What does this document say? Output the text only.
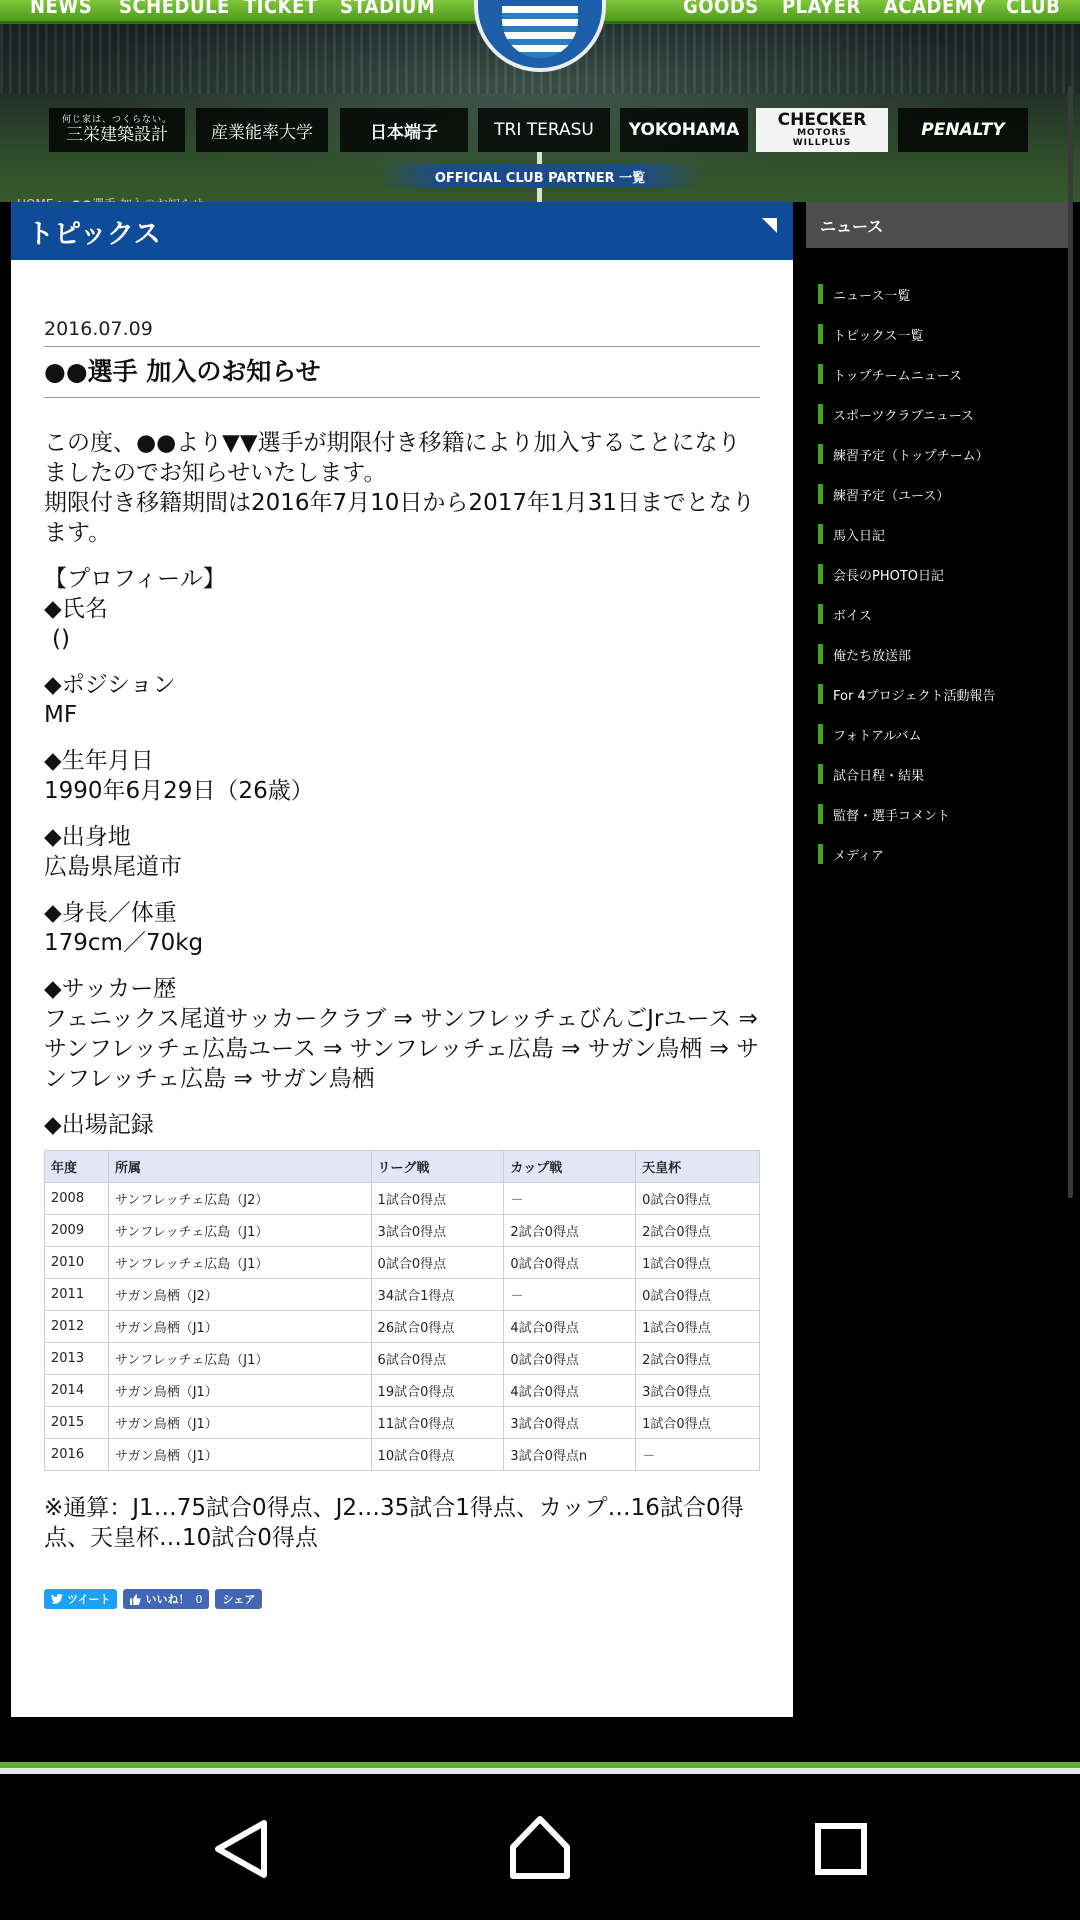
NEWS SCHEDULE TICKET STADIUM	GOODS PLAYER ACADEMY CLUB
何じ家は、つくらない。
三栄建築設計	産業能率大学	日本端子	TRI TERASU YOKOHAMA
CHECKER
MOTORS
WILLPLUS
PENALTY
OFFICIAL CLUB PARTNER 一覧
トピックス
2016.07.09
●●選手 加入のお知らせ

この度、●●より▼▼選手が期限付き移籍により加入することになりましたのでお知らせいたします。
期限付き移籍期間は2016年7月10日から2017年1月31日までとなります。

【プロフィール】
◆氏名
()

◆ポジション
MF

◆生年月日
1990年6月29日（26歳）

◆出身地
広島県尾道市

◆身長／体重
179cm／70kg

◆サッカー歴
フェニックス尾道サッカークラブ ⇒ サンフレッチェびんごJrユース ⇒ サンフレッチェ広島ユース ⇒ サンフレッチェ広島 ⇒ サガン鳥栖 ⇒ サンフレッチェ広島 ⇒ サガン鳥栖

◆出場記録

年度	所属	リーグ戦	カップ戦	天皇杯
2008	サンフレッチェ広島（J2）	1試合0得点	－	0試合0得点
2009	サンフレッチェ広島（J1）	3試合0得点	2試合0得点	2試合0得点
2010	サンフレッチェ広島（J1）	0試合0得点	0試合0得点	1試合0得点
2011	サガン鳥栖（J2）	34試合1得点	－	0試合0得点
2012	サガン鳥栖（J1）	26試合0得点	4試合0得点	1試合0得点
2013	サンフレッチェ広島（J1）	6試合0得点	0試合0得点	2試合0得点
2014	サガン鳥栖（J1）	19試合0得点	4試合0得点	3試合0得点
2015	サガン鳥栖（J1）	11試合0得点	3試合0得点	1試合0得点
2016	サガン鳥栖（J1）	10試合0得点	3試合0得点n	－
※通算：J1…75試合0得点、J2…35試合1得点、カップ…16試合0得点、天皇杯…10試合0得点
ツイート	いいね！ 0 シェア
ニュース
ニュース一覧
トピックス一覧
トップチームニュース
スポーツクラブニュース
練習予定（トップチーム）
練習予定（ユース）
馬入日記
会長のPHOTO日記
ボイス
俺たち放送部
For 4プロジェクト活動報告
フォトアルバム
試合日程・結果
監督・選手コメント
メディア
